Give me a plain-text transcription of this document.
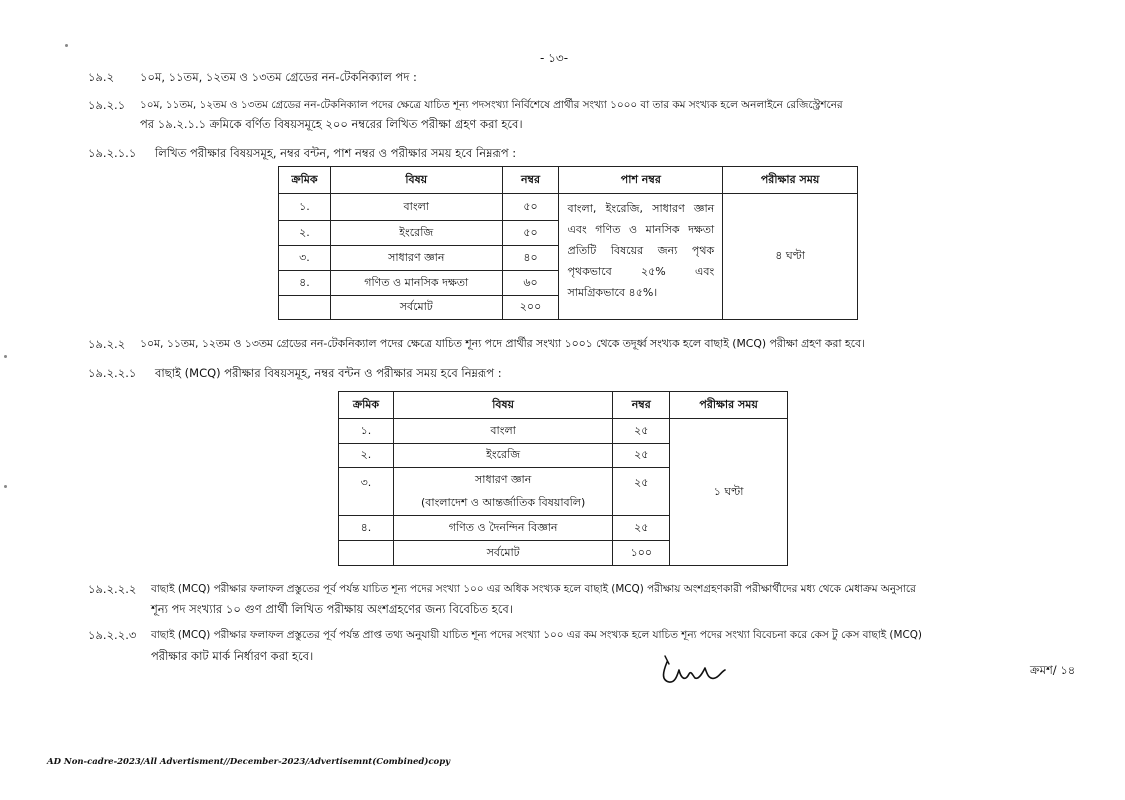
- ১৩-
১৯.২ ১০ম, ১১তম, ১২তম ও ১৩তম গ্রেডের নন-টেকনিক্যাল পদ :
১৯.২.১ ১০ম, ১১তম, ১২তম ও ১৩তম গ্রেডের নন-টেকনিক্যাল পদের ক্ষেত্রে যাচিত শূন্য পদসংখ্যা নির্বিশেষে প্রার্থীর সংখ্যা ১০০০ বা তার কম সংখ্যক হলে অনলাইনে রেজিস্ট্রেশনের
পর ১৯.২.১.১ ক্রমিকে বর্ণিত বিষয়সমূহে ২০০ নম্বরের লিখিত পরীক্ষা গ্রহণ করা হবে।
১৯.২.১.১ লিখিত পরীক্ষার বিষয়সমূহ, নম্বর বন্টন, পাশ নম্বর ও পরীক্ষার সময় হবে নিম্নরূপ :
ক্রমিক	বিষয়	নম্বর	পাশ নম্বর	পরীক্ষার সময়
১.	বাংলা	৫০	বাংলা, ইংরেজি, সাধারণ জ্ঞান এবং গণিত ও মানসিক দক্ষতা প্রতিটি বিষয়ের জন্য পৃথক পৃথকভাবে ২৫% এবং সামগ্রিকভাবে ৪৫%।	৪ ঘণ্টা
২.	ইংরেজি	৫০		
৩.	সাধারণ জ্ঞান	৪০		
৪.	গণিত ও মানসিক দক্ষতা	৬০		
	সর্বমোট	২০০		
১৯.২.২ ১০ম, ১১তম, ১২তম ও ১৩তম গ্রেডের নন-টেকনিক্যাল পদের ক্ষেত্রে যাচিত শূন্য পদে প্রার্থীর সংখ্যা ১০০১ থেকে তদূর্ধ্ব সংখ্যক হলে বাছাই (MCQ) পরীক্ষা গ্রহণ করা হবে।
১৯.২.২.১ বাছাই (MCQ) পরীক্ষার বিষয়সমূহ, নম্বর বন্টন ও পরীক্ষার সময় হবে নিম্নরূপ :
ক্রমিক	বিষয়	নম্বর	পরীক্ষার সময়
১.	বাংলা	২৫	১ ঘণ্টা
২.	ইংরেজি	২৫	
৩.	সাধারণ জ্ঞান
(বাংলাদেশ ও আন্তর্জাতিক বিষয়াবলি)	২৫	
৪.	গণিত ও দৈনন্দিন বিজ্ঞান	২৫	
	সর্বমোট	১০০	
১৯.২.২.২ বাছাই (MCQ) পরীক্ষার ফলাফল প্রস্তুতের পূর্ব পর্যন্ত যাচিত শূন্য পদের সংখ্যা ১০০ এর অধিক সংখ্যক হলে বাছাই (MCQ) পরীক্ষায় অংশগ্রহণকারী পরীক্ষার্থীদের মধ্য থেকে মেধাক্রম অনুসারে
শূন্য পদ সংখ্যার ১০ গুণ প্রার্থী লিখিত পরীক্ষায় অংশগ্রহণের জন্য বিবেচিত হবে।
১৯.২.২.৩ বাছাই (MCQ) পরীক্ষার ফলাফল প্রস্তুতের পূর্ব পর্যন্ত প্রাপ্ত তথ্য অনুযায়ী যাচিত শূন্য পদের সংখ্যা ১০০ এর কম সংখ্যক হলে যাচিত শূন্য পদের সংখ্যা বিবেচনা করে কেস টু কেস বাছাই (MCQ)
পরীক্ষার কাট মার্ক নির্ধারণ করা হবে।
ক্রমশ/ ১৪
AD Non-cadre-2023/All Advertisment//December-2023/Advertisemnt(Combined)copy
